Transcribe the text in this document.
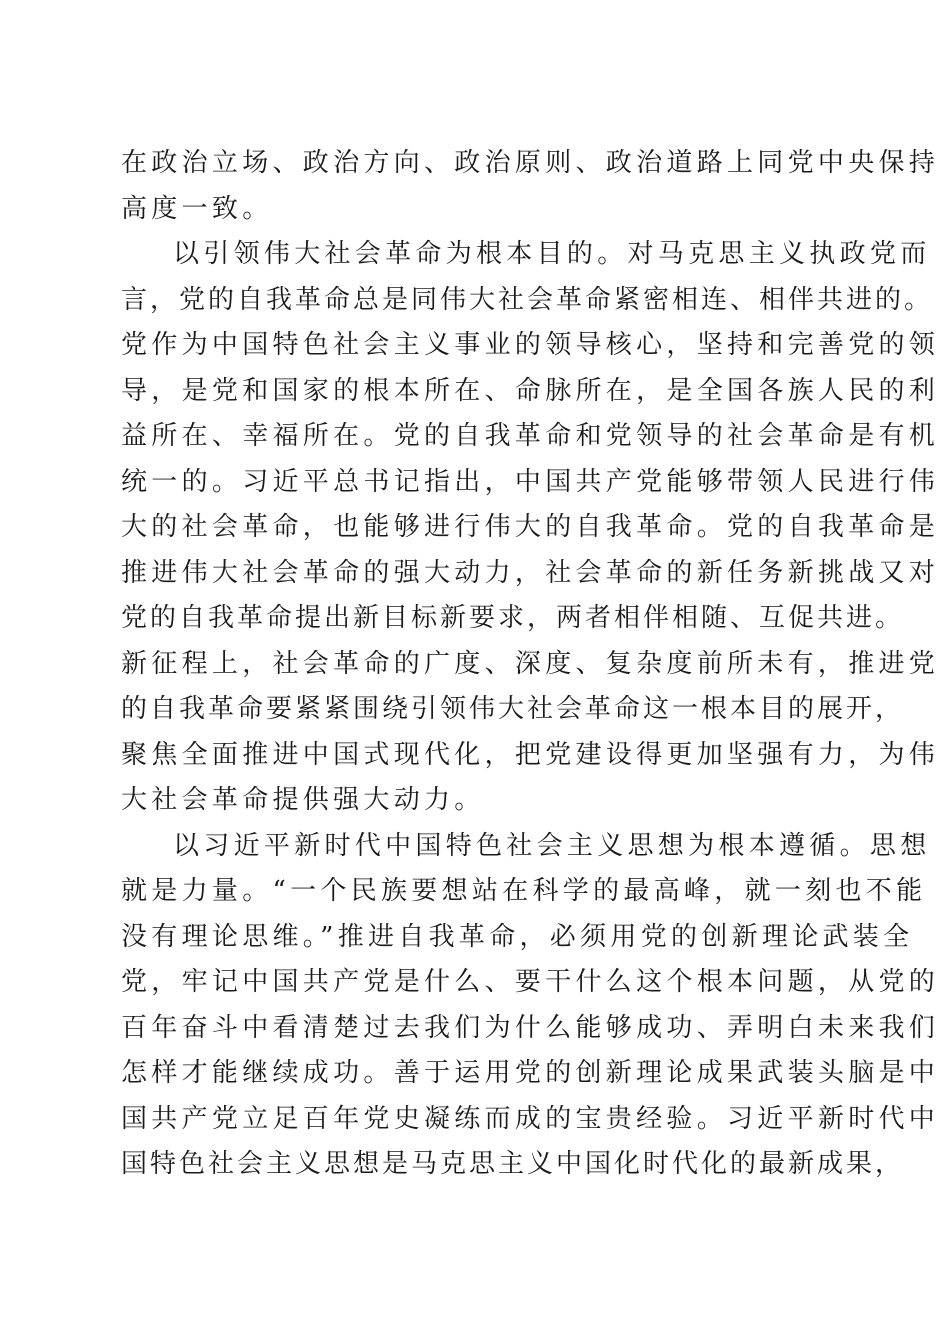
在政治立场、政治方向、政治原则、政治道路上同党中央保持
高度一致。
以引领伟大社会革命为根本目的。对马克思主义执政党而
言，党的自我革命总是同伟大社会革命紧密相连、相伴共进的。
党作为中国特色社会主义事业的领导核心，坚持和完善党的领
导，是党和国家的根本所在、命脉所在，是全国各族人民的利
益所在、幸福所在。党的自我革命和党领导的社会革命是有机
统一的。习近平总书记指出，中国共产党能够带领人民进行伟
大的社会革命，也能够进行伟大的自我革命。党的自我革命是
推进伟大社会革命的强大动力，社会革命的新任务新挑战又对
党的自我革命提出新目标新要求，两者相伴相随、互促共进。
新征程上，社会革命的广度、深度、复杂度前所未有，推进党
的自我革命要紧紧围绕引领伟大社会革命这一根本目的展开，
聚焦全面推进中国式现代化，把党建设得更加坚强有力，为伟
大社会革命提供强大动力。
以习近平新时代中国特色社会主义思想为根本遵循。思想
就是力量。“一个民族要想站在科学的最高峰，就一刻也不能
没有理论思维。”推进自我革命，必须用党的创新理论武装全
党，牢记中国共产党是什么、要干什么这个根本问题，从党的
百年奋斗中看清楚过去我们为什么能够成功、弄明白未来我们
怎样才能继续成功。善于运用党的创新理论成果武装头脑是中
国共产党立足百年党史凝练而成的宝贵经验。习近平新时代中
国特色社会主义思想是马克思主义中国化时代化的最新成果，
